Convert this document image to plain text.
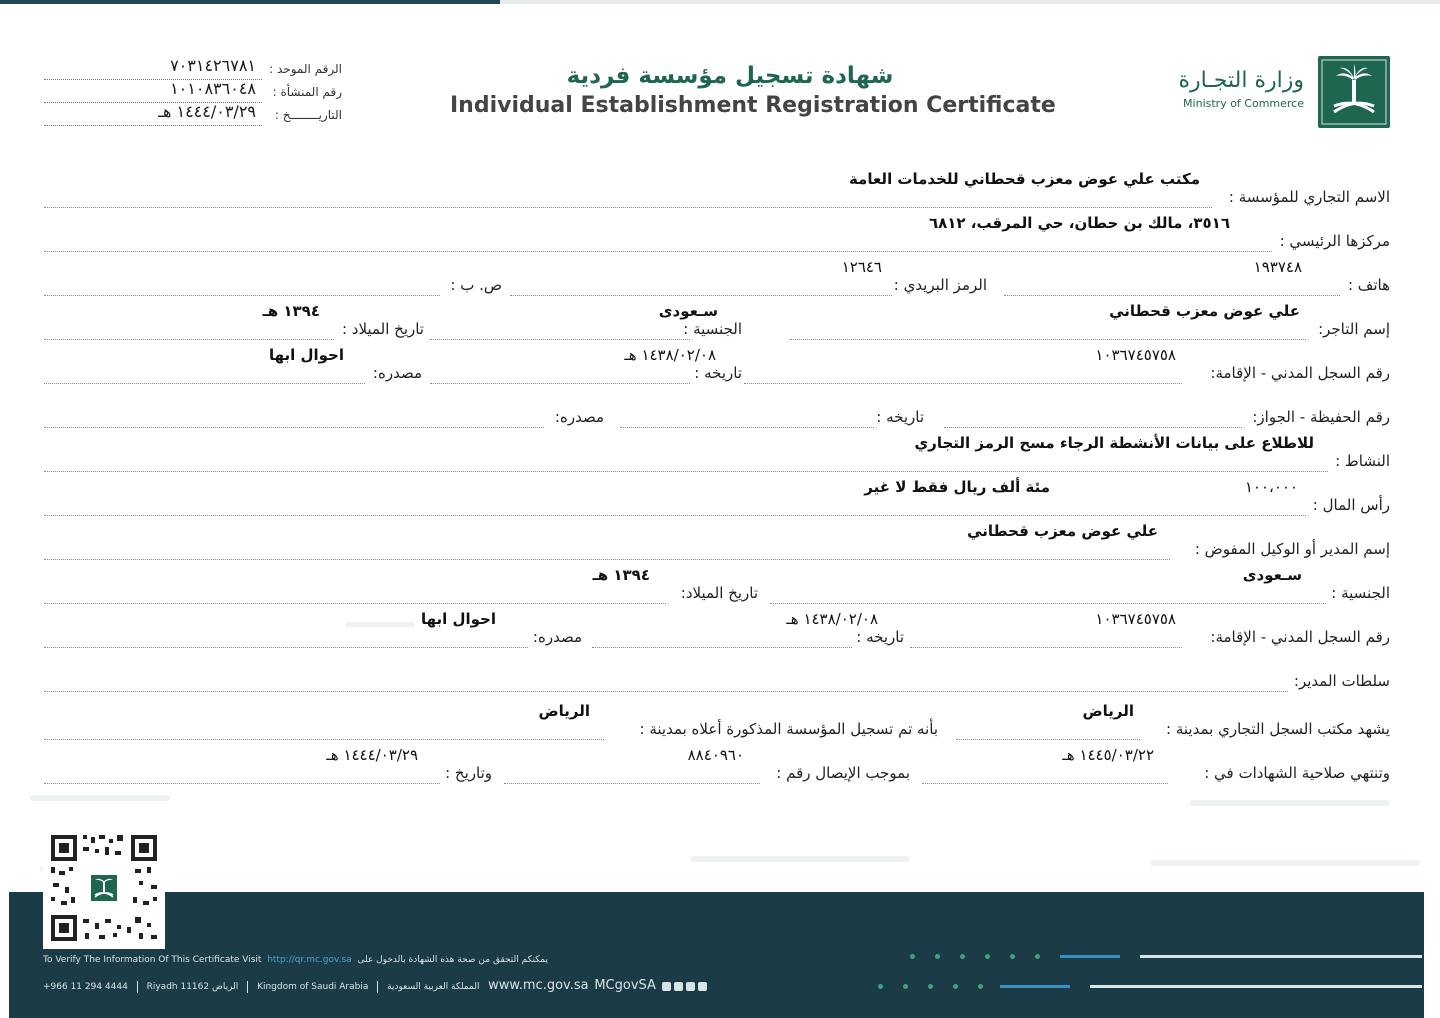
وزارة التجـارة
Ministry of Commerce
شهادة تسجيل مؤسسة فردية
Individual Establishment Registration Certificate
الرقم الموحد :
٧٠٣١٤٢٦٧٨١
رقم المنشأة :
١٠١٠٨٣٦٠٤٨
التاريــــــــخ :
١٤٤٤/٠٣/٢٩ هـ
الاسم التجاري للمؤسسة :
مكتب علي عوض معزب قحطاني للخدمات العامة
مركزها الرئيسي :
٣٥١٦، مالك بن حطان، حي المرقب، ٦٨١٢
هاتف :
١٩٣٧٤٨
الرمز البريدي :
١٢٦٤٦
ص. ب :
إسم التاجر:
علي عوض معزب قحطاني
الجنسية :
سـعودى
تاريخ الميلاد :
١٣٩٤ هـ
رقم السجل المدني - الإقامة:
١٠٣٦٧٤٥٧٥٨
تاريخه :
١٤٣٨/٠٢/٠٨ هـ
مصدره:
احوال ابها
رقم الحفيظة - الجواز:
تاريخه :
مصدره:
النشاط :
للاطلاع على بيانات الأنشطة الرجاء مسح الرمز التجاري
رأس المال :
١٠٠،٠٠٠
مئة ألف ريال فقط لا غير
إسم المدير أو الوكيل المفوض :
علي عوض معزب قحطاني
الجنسية :
سـعودى
تاريخ الميلاد:
١٣٩٤ هـ
رقم السجل المدني - الإقامة:
١٠٣٦٧٤٥٧٥٨
تاريخه :
١٤٣٨/٠٢/٠٨ هـ
مصدره:
احوال ابها
سلطات المدير:
يشهد مكتب السجل التجاري بمدينة :
الرياض
بأنه تم تسجيل المؤسسة المذكورة أعلاه بمدينة :
الرياض
وتنتهي صلاحية الشهادات في :
١٤٤٥/٠٣/٢٢ هـ
بموجب الإيصال رقم :
٨٨٤٠٩٦٠
وتاريخ :
١٤٤٤/٠٣/٢٩ هـ
To Verify The Information Of This Certificate Visit http://qr.mc.gov.sa يمكنكم التحقق من صحة هذه الشهادة بالدخول على
+966 11 294 4444 Riyadh 11162 الرياض Kingdom of Saudi Arabia المملكة العربية السعودية www.mc.gov.sa MCgovSA
